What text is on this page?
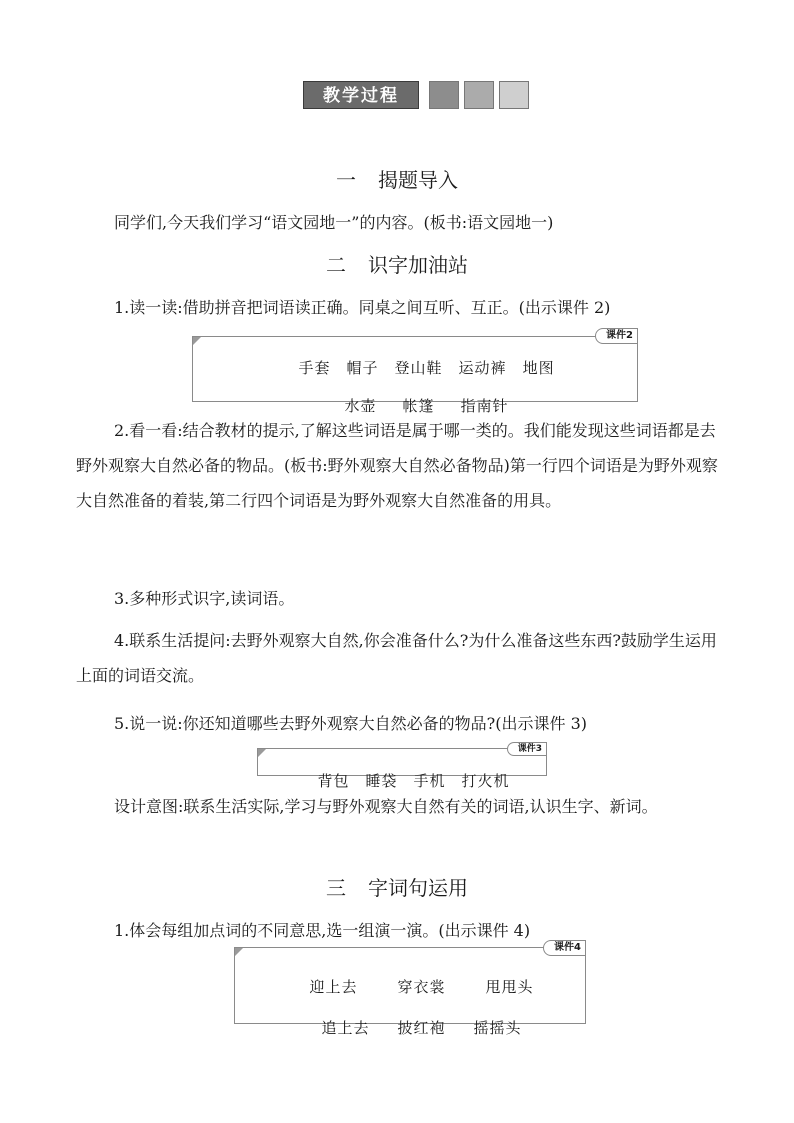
教学过程
一 揭题导入
同学们,今天我们学习“语文园地一”的内容。(板书:语文园地一)
二 识字加油站
1.读一读:借助拼音把词语读正确。同桌之间互听、互正。(出示课件 2)
课件2

手套 帽子 登山鞋 运动裤 地图

水壶 帐篷 指南针

2.看一看:结合教材的提示,了解这些词语是属于哪一类的。我们能发现这些词语都是去野外观察大自然必备的物品。(板书:野外观察大自然必备物品)第一行四个词语是为野外观察大自然准备的着装,第二行四个词语是为野外观察大自然准备的用具。
3.多种形式识字,读词语。
4.联系生活提问:去野外观察大自然,你会准备什么?为什么准备这些东西?鼓励学生运用上面的词语交流。
5.说一说:你还知道哪些去野外观察大自然必备的物品?(出示课件 3)
课件3

背包 睡袋 手机 打火机

设计意图:联系生活实际,学习与野外观察大自然有关的词语,认识生字、新词。
三 字词句运用
1.体会每组加点词的不同意思,选一组演一演。(出示课件 4)
课件4

迎上去	穿衣裳	甩甩头

追上去 披红袍 摇摇头
